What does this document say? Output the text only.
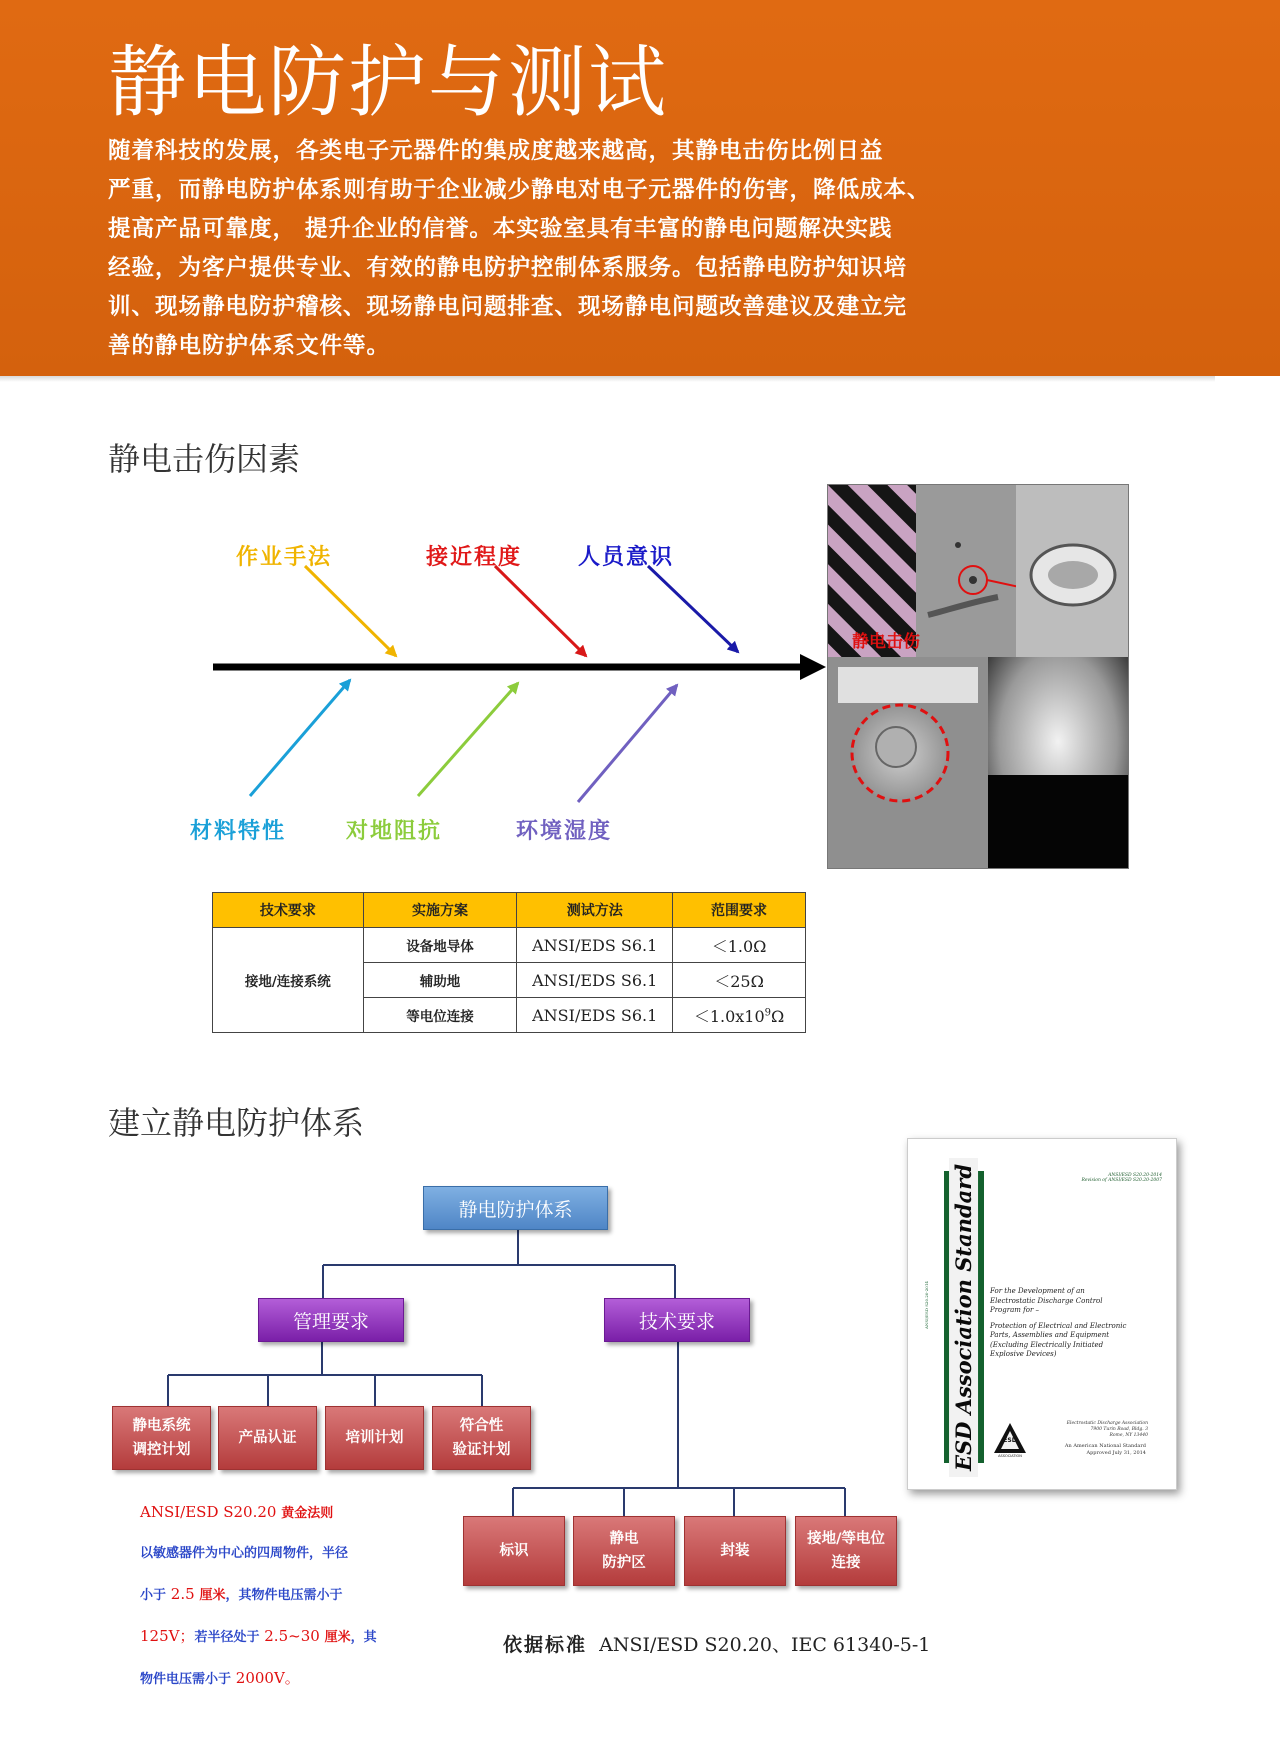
静电防护与测试
随着科技的发展，各类电子元器件的集成度越来越高，其静电击伤比例日益
严重，而静电防护体系则有助于企业减少静电对电子元器件的伤害，降低成本、
提高产品可靠度， 提升企业的信誉。本实验室具有丰富的静电问题解决实践
经验，为客户提供专业、有效的静电防护控制体系服务。包括静电防护知识培
训、现场静电防护稽核、现场静电问题排查、现场静电问题改善建议及建立完
善的静电防护体系文件等。
静电击伤因素
作业手法	接近程度	人员意识
材料特性	对地阻抗	环境湿度
静电击伤
技术要求	实施方案	测试方法	范围要求
接地/连接系统	设备地导体	ANSI/EDS S6.1	＜1.0Ω
	辅助地	ANSI/EDS S6.1	＜25Ω
	等电位连接	ANSI/EDS S6.1	$<1.0x10^9\Omega$
建立静电防护体系
静电防护体系
管理要求	技术要求
静电系统
调控计划
产品认证	培训计划
符合性
验证计划
标识
静电
防护区
封装
接地/等电位
连接
ANSI/ESD S20.20 黄金法则
以敏感器件为中心的四周物件，半径
小于 2.5 厘米，其物件电压需小于
125V；若半径处于 2.5~30 厘米，其
物件电压需小于 2000V。
依据标准 ANSI/ESD S20.20、IEC 61340-5-1
ESD Association Standard
ANSI/ESD S20.20-2014
ANSI/ESD S20.20-2014
Revision of ANSI/ESD S20.20-2007
For the Development of an
Electrostatic Discharge Control
Program for –
Protection of Electrical and Electronic
Parts, Assemblies and Equipment
(Excluding Electrically Initiated
Explosive Devices)
Electrostatic Discharge Association
7900 Turin Road, Bldg. 3
Rome, NY 13440
An American National Standard
Approved July 31, 2014
ESD
ASSOCIATION
